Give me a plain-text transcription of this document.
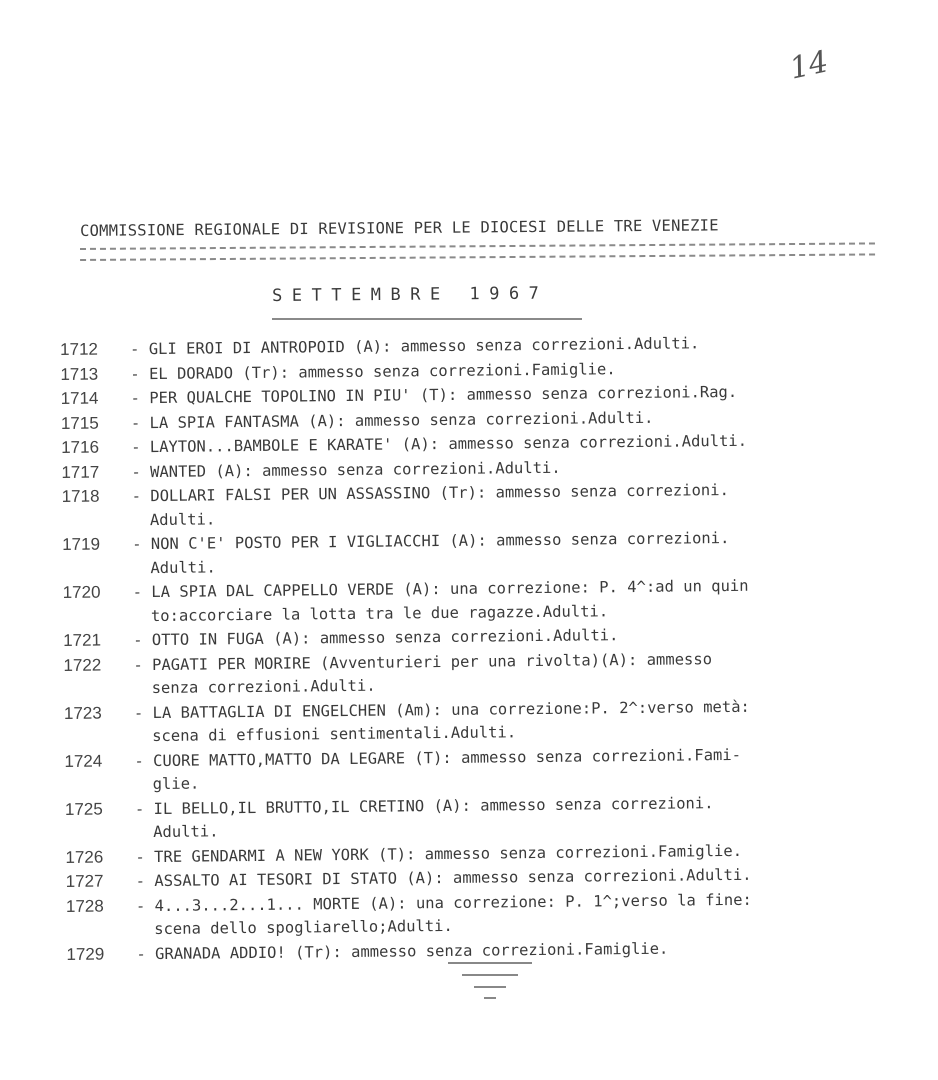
14
COMMISSIONE REGIONALE DI REVISIONE PER LE DIOCESI DELLE TRE VENEZIE
SETTEMBRE 1967
1712 - GLI EROI DI ANTROPOID (A): ammesso senza correzioni.Adulti.
1713 - EL DORADO (Tr): ammesso senza correzioni.Famiglie.
1714 - PER QUALCHE TOPOLINO IN PIU' (T): ammesso senza correzioni.Rag.
1715 - LA SPIA FANTASMA (A): ammesso senza correzioni.Adulti.
1716 - LAYTON...BAMBOLE E KARATE' (A): ammesso senza correzioni.Adulti.
1717 - WANTED (A): ammesso senza correzioni.Adulti.
1718 - DOLLARI FALSI PER UN ASSASSINO (Tr): ammesso senza correzioni.
Adulti.
1719 - NON C'E' POSTO PER I VIGLIACCHI (A): ammesso senza correzioni.
Adulti.
1720 - LA SPIA DAL CAPPELLO VERDE (A): una correzione: P. 4^:ad un quin
to:accorciare la lotta tra le due ragazze.Adulti.
1721 - OTTO IN FUGA (A): ammesso senza correzioni.Adulti.
1722 - PAGATI PER MORIRE (Avventurieri per una rivolta)(A): ammesso
senza correzioni.Adulti.
1723 - LA BATTAGLIA DI ENGELCHEN (Am): una correzione:P. 2^:verso metà:
scena di effusioni sentimentali.Adulti.
1724 - CUORE MATTO,MATTO DA LEGARE (T): ammesso senza correzioni.Fami-
glie.
1725 - IL BELLO,IL BRUTTO,IL CRETINO (A): ammesso senza correzioni.
Adulti.
1726 - TRE GENDARMI A NEW YORK (T): ammesso senza correzioni.Famiglie.
1727 - ASSALTO AI TESORI DI STATO (A): ammesso senza correzioni.Adulti.
1728 - 4...3...2...1... MORTE (A): una correzione: P. 1^;verso la fine:
scena dello spogliarello;Adulti.
1729 - GRANADA ADDIO! (Tr): ammesso senza correzioni.Famiglie.
